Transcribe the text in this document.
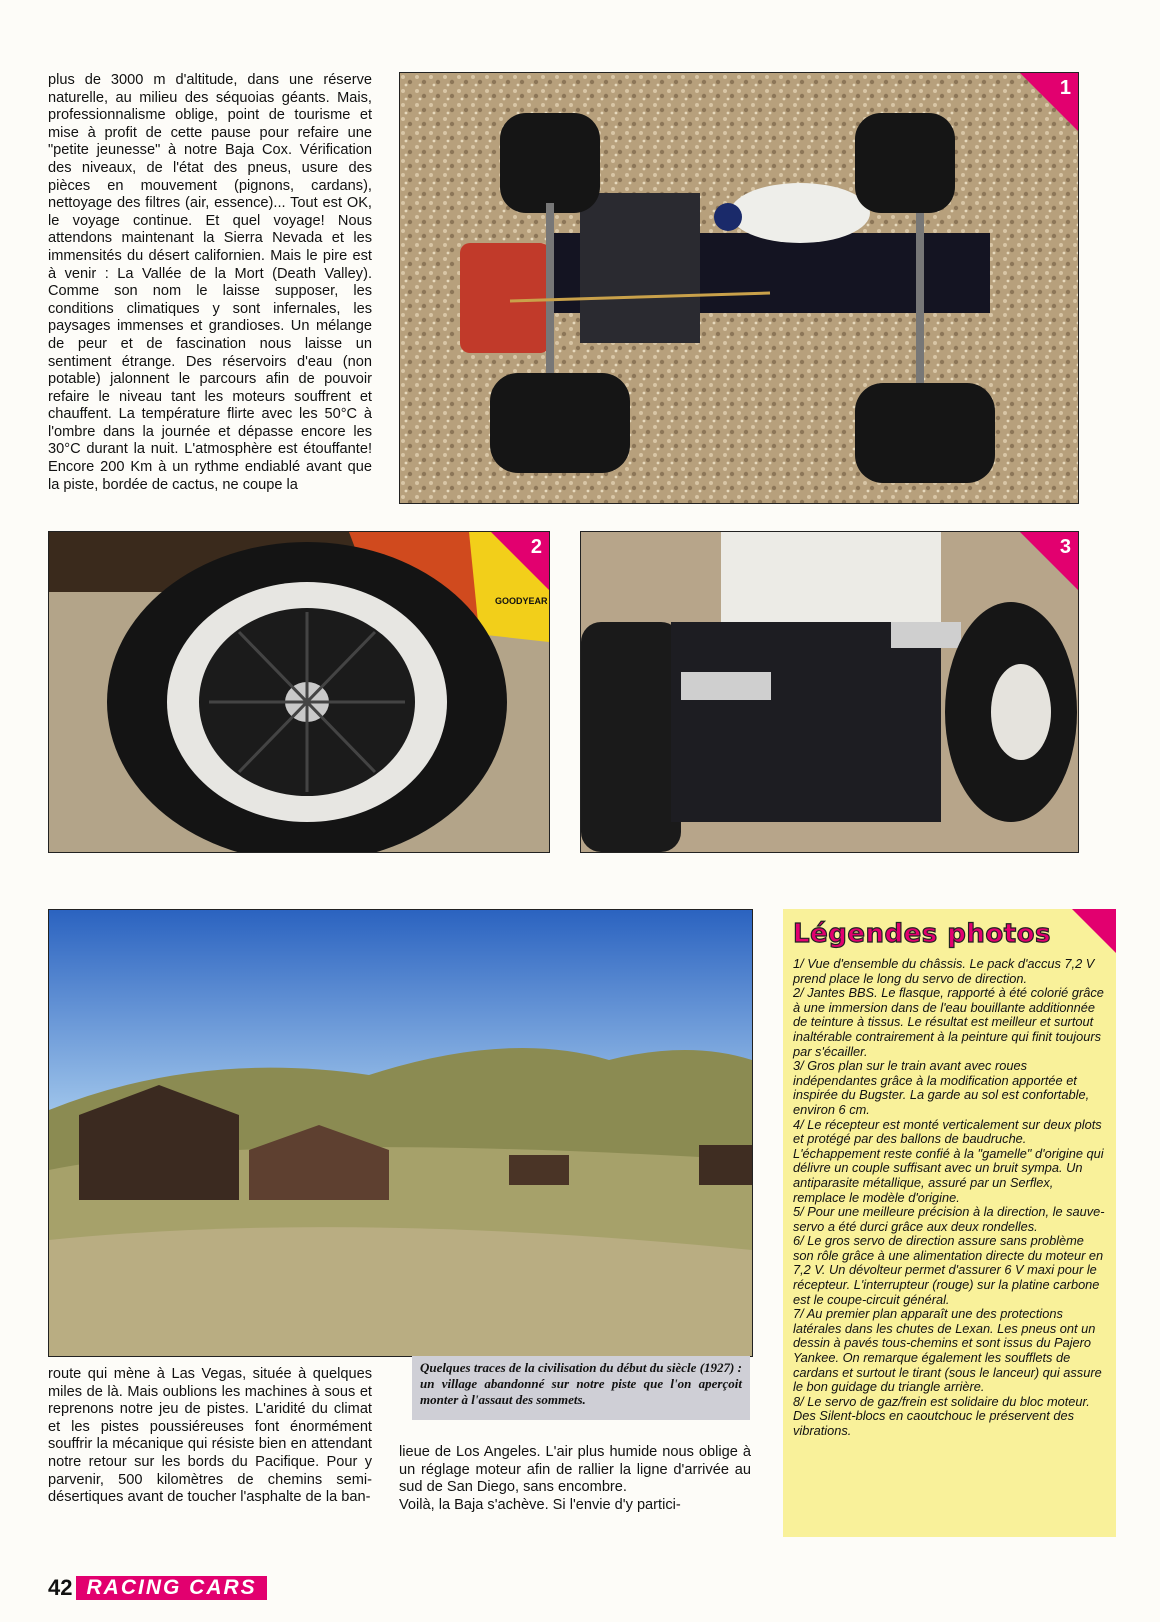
plus de 3000 m d'altitude, dans une réserve naturelle, au milieu des séquoias géants. Mais, professionnalisme oblige, point de tourisme et mise à profit de cette pause pour refaire une "petite jeunesse" à notre Baja Cox. Vérification des niveaux, de l'état des pneus, usure des pièces en mouvement (pignons, cardans), nettoyage des filtres (air, essence)... Tout est OK, le voyage continue. Et quel voyage! Nous attendons maintenant la Sierra Nevada et les immensités du désert californien. Mais le pire est à venir : La Vallée de la Mort (Death Valley). Comme son nom le laisse supposer, les conditions climatiques y sont infernales, les paysages immenses et grandioses. Un mélange de peur et de fascination nous laisse un sentiment étrange. Des réservoirs d'eau (non potable) jalonnent le parcours afin de pouvoir refaire le niveau tant les moteurs souffrent et chauffent. La température flirte avec les 50°C à l'ombre dans la journée et dépasse encore les 30°C durant la nuit. L'atmosphère est étouffante! Encore 200 Km à un rythme endiablé avant que la piste, bordée de cactus, ne coupe la

1
GOODYEAR
2	3
Quelques traces de la civilisation du début du siècle (1927) : un village abandonné sur notre piste que l'on aperçoit monter à l'assaut des sommets.

route qui mène à Las Vegas, située à quelques miles de là. Mais oublions les machines à sous et reprenons notre jeu de pistes. L'aridité du climat et les pistes poussiéreuses font énormément souffrir la mécanique qui résiste bien en attendant notre retour sur les bords du Pacifique. Pour y parvenir, 500 kilomètres de chemins semi-désertiques avant de toucher l'asphalte de la ban-

lieue de Los Angeles. L'air plus humide nous oblige à un réglage moteur afin de rallier la ligne d'arrivée au sud de San Diego, sans encombre.

Voilà, la Baja s'achève. Si l'envie d'y partici-

Légendes photos

1/ Vue d'ensemble du châssis. Le pack d'accus 7,2 V prend place le long du servo de direction.

2/ Jantes BBS. Le flasque, rapporté à été colorié grâce à une immersion dans de l'eau bouillante additionnée de teinture à tissus. Le résultat est meilleur et surtout inaltérable contrairement à la peinture qui finit toujours par s'écailler.

3/ Gros plan sur le train avant avec roues indépendantes grâce à la modification apportée et inspirée du Bugster. La garde au sol est confortable, environ 6 cm.

4/ Le récepteur est monté verticalement sur deux plots et protégé par des ballons de baudruche. L'échappement reste confié à la "gamelle" d'origine qui délivre un couple suffisant avec un bruit sympa. Un antiparasite métallique, assuré par un Serflex, remplace le modèle d'origine.

5/ Pour une meilleure précision à la direction, le sauve-servo a été durci grâce aux deux rondelles.

6/ Le gros servo de direction assure sans problème son rôle grâce à une alimentation directe du moteur en 7,2 V. Un dévolteur permet d'assurer 6 V maxi pour le récepteur. L'interrupteur (rouge) sur la platine carbone est le coupe-circuit général.

7/ Au premier plan apparaît une des protections latérales dans les chutes de Lexan. Les pneus ont un dessin à pavés tous-chemins et sont issus du Pajero Yankee. On remarque également les soufflets de cardans et surtout le tirant (sous le lanceur) qui assure le bon guidage du triangle arrière.

8/ Le servo de gaz/frein est solidaire du bloc moteur. Des Silent-blocs en caoutchouc le préservent des vibrations.

42 RACING CARS
